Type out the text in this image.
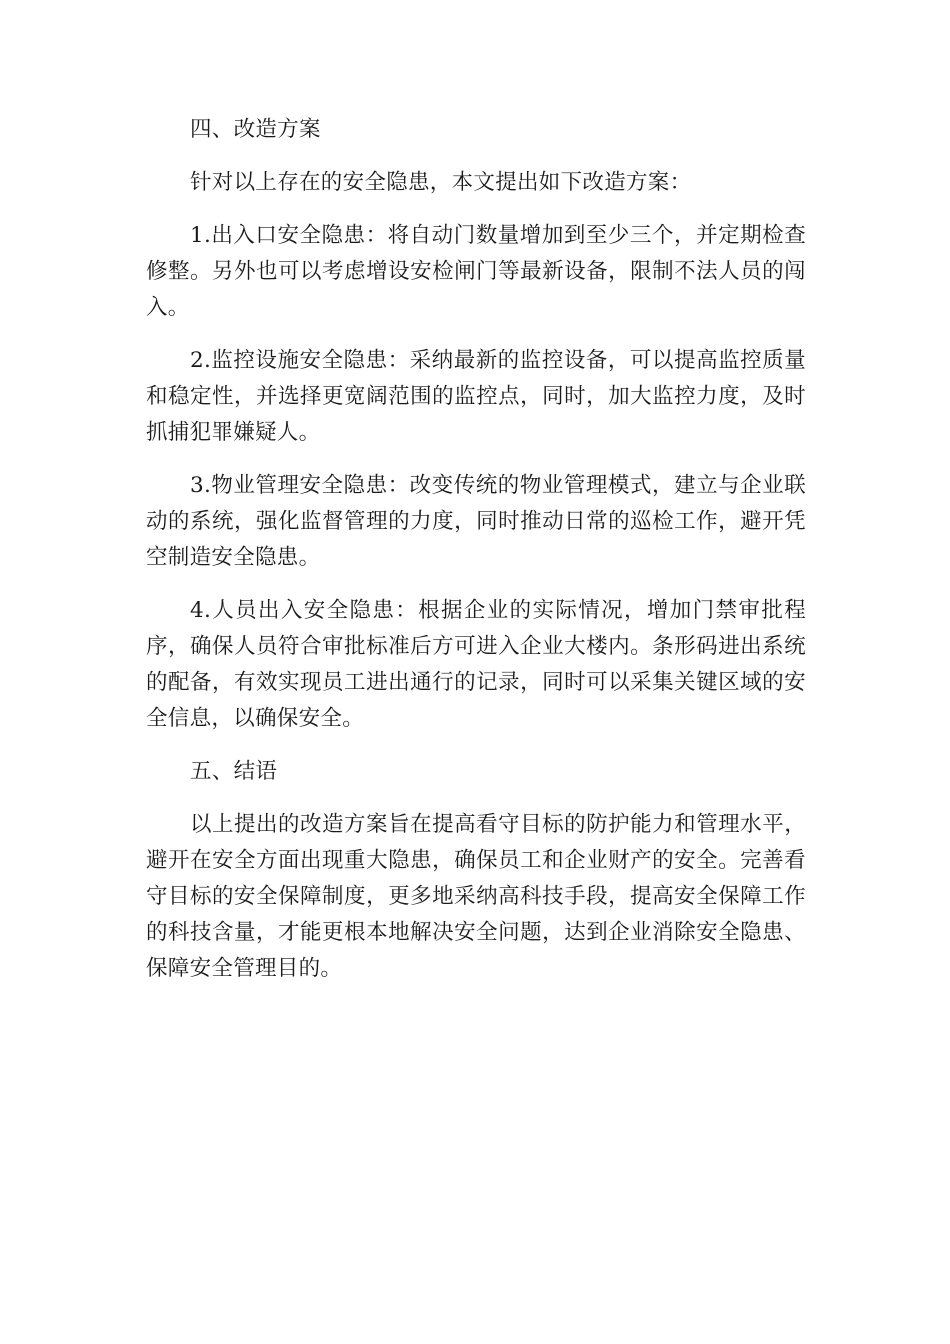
四、改造方案

针对以上存在的安全隐患，本文提出如下改造方案：

1.出入口安全隐患：将自动门数量增加到至少三个，并定期检查修整。另外也可以考虑增设安检闸门等最新设备，限制不法人员的闯入。

2.监控设施安全隐患：采纳最新的监控设备，可以提高监控质量和稳定性，并选择更宽阔范围的监控点，同时，加大监控力度，及时抓捕犯罪嫌疑人。

3.物业管理安全隐患：改变传统的物业管理模式，建立与企业联动的系统，强化监督管理的力度，同时推动日常的巡检工作，避开凭空制造安全隐患。

4.人员出入安全隐患：根据企业的实际情况，增加门禁审批程序，确保人员符合审批标准后方可进入企业大楼内。条形码进出系统的配备，有效实现员工进出通行的记录，同时可以采集关键区域的安全信息，以确保安全。

五、结语

以上提出的改造方案旨在提高看守目标的防护能力和管理水平，避开在安全方面出现重大隐患，确保员工和企业财产的安全。完善看守目标的安全保障制度，更多地采纳高科技手段，提高安全保障工作的科技含量，才能更根本地解决安全问题，达到企业消除安全隐患、保障安全管理目的。
